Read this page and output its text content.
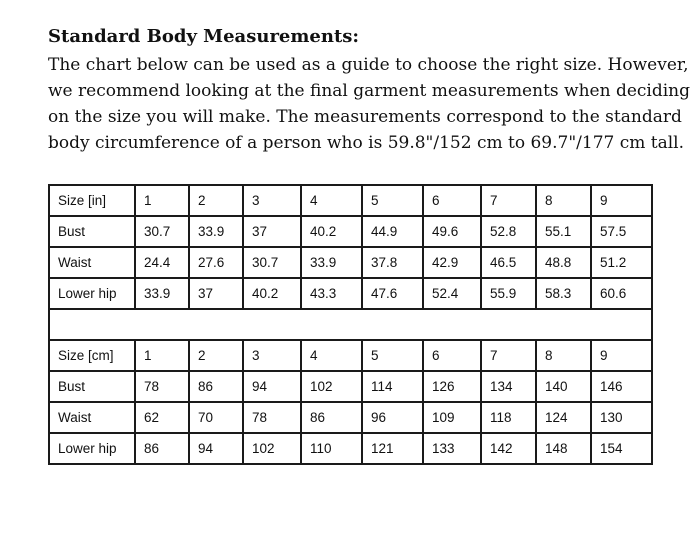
Standard Body Measurements:
The chart below can be used as a guide to choose the right size. However,
we recommend looking at the final garment measurements when deciding
on the size you will make. The measurements correspond to the standard
body circumference of a person who is 59.8"/152 cm to 69.7"/177 cm tall.
Size [in]	1	2	3	4	5	6	7	8	9
Bust	30.7	33.9	37	40.2	44.9	49.6	52.8	55.1	57.5
Waist	24.4	27.6	30.7	33.9	37.8	42.9	46.5	48.8	51.2
Lower hip	33.9	37	40.2	43.3	47.6	52.4	55.9	58.3	60.6

Size [cm]	1	2	3	4	5	6	7	8	9
Bust	78	86	94	102	114	126	134	140	146
Waist	62	70	78	86	96	109	118	124	130
Lower hip	86	94	102	110	121	133	142	148	154
